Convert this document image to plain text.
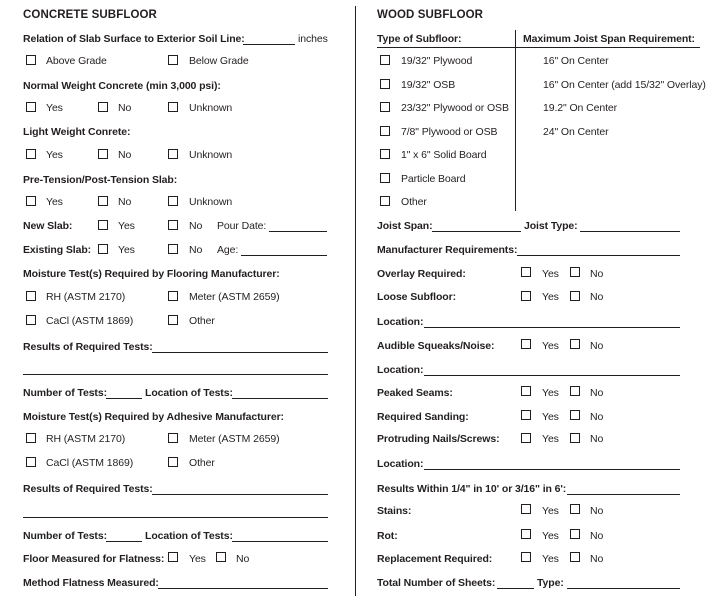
CONCRETE SUBFLOOR
Relation of Slab Surface to Exterior Soil Line:	inches
Above Grade	Below Grade
Normal Weight Concrete (min 3,000 psi):
Yes	No	Unknown
Light Weight Conrete:
Yes	No	Unknown
Pre-Tension/Post-Tension Slab:
Yes	No	Unknown
New Slab:	Yes	No Pour Date:
Existing Slab:	Yes	No Age:
Moisture Test(s) Required by Flooring Manufacturer:
RH (ASTM 2170)	Meter (ASTM 2659)
CaCl (ASTM 1869)	Other
Results of Required Tests:
Number of Tests:	Location of Tests:
Moisture Test(s) Required by Adhesive Manufacturer:
RH (ASTM 2170)	Meter (ASTM 2659)
CaCl (ASTM 1869)	Other
Results of Required Tests:
Number of Tests:	Location of Tests:
Floor Measured for Flatness: Yes	No
Method Flatness Measured:
WOOD SUBFLOOR
Type of Subfloor:	Maximum Joist Span Requirement:
19/32" Plywood	16" On Center
19/32" OSB	16" On Center (add 15/32" Overlay)
23/32" Plywood or OSB	19.2" On Center
7/8" Plywood or OSB	24" On Center
1" x 6" Solid Board
Particle Board
Other
Joist Span:	Joist Type:
Manufacturer Requirements:
Overlay Required:	Yes	No
Loose Subfloor:	Yes	No
Location:
Audible Squeaks/Noise:	Yes	No
Location:
Peaked Seams:	Yes	No
Required Sanding:	Yes	No
Protruding Nails/Screws:	Yes	No
Location:
Results Within 1/4" in 10' or 3/16" in 6':
Stains:	Yes	No
Rot:	Yes	No
Replacement Required:	Yes	No
Total Number of Sheets:	Type:
